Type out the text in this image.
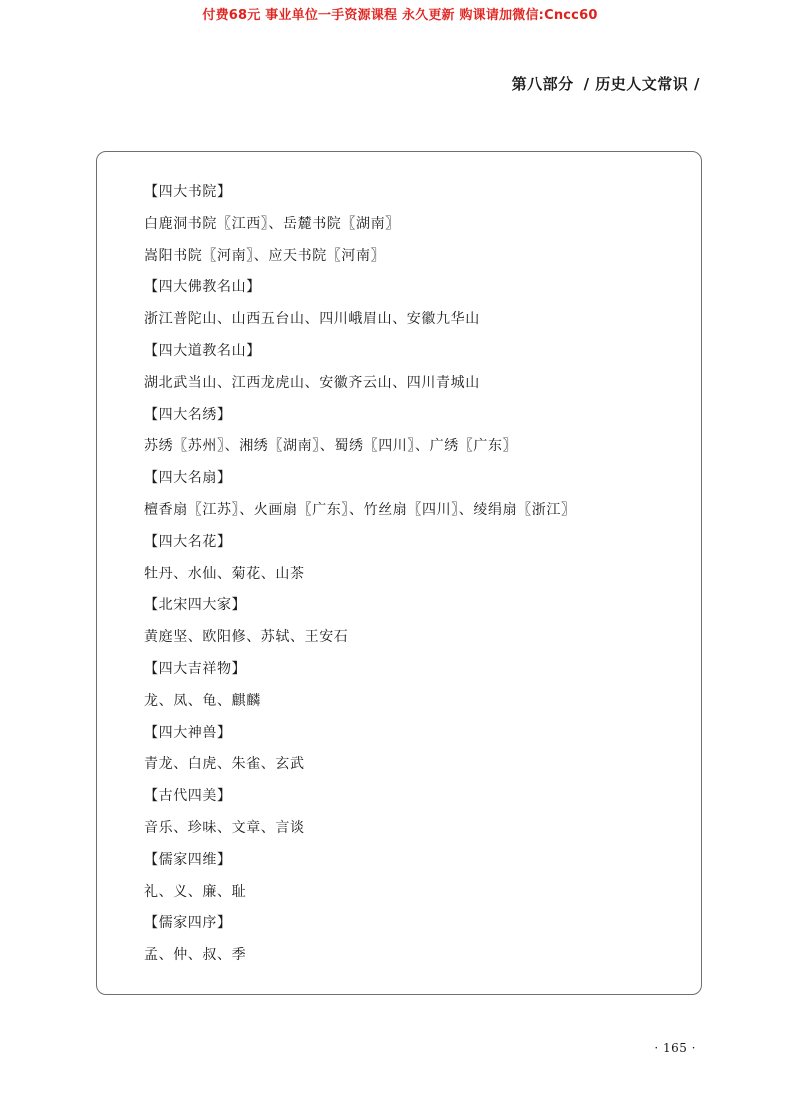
付费68元 事业单位一手资源课程 永久更新 购课请加微信:Cncc60
第八部分 / 历史人文常识 /
【四大书院】
白鹿洞书院〖江西〗、岳麓书院〖湖南〗
嵩阳书院〖河南〗、应天书院〖河南〗
【四大佛教名山】
浙江普陀山、山西五台山、四川峨眉山、安徽九华山
【四大道教名山】
湖北武当山、江西龙虎山、安徽齐云山、四川青城山
【四大名绣】
苏绣〖苏州〗、湘绣〖湖南〗、蜀绣〖四川〗、广绣〖广东〗
【四大名扇】
檀香扇〖江苏〗、火画扇〖广东〗、竹丝扇〖四川〗、绫绢扇〖浙江〗
【四大名花】
牡丹、水仙、菊花、山茶
【北宋四大家】
黄庭坚、欧阳修、苏轼、王安石
【四大吉祥物】
龙、凤、龟、麒麟
【四大神兽】
青龙、白虎、朱雀、玄武
【古代四美】
音乐、珍味、文章、言谈
【儒家四维】
礼、义、廉、耻
【儒家四序】
孟、仲、叔、季
· 165 ·
